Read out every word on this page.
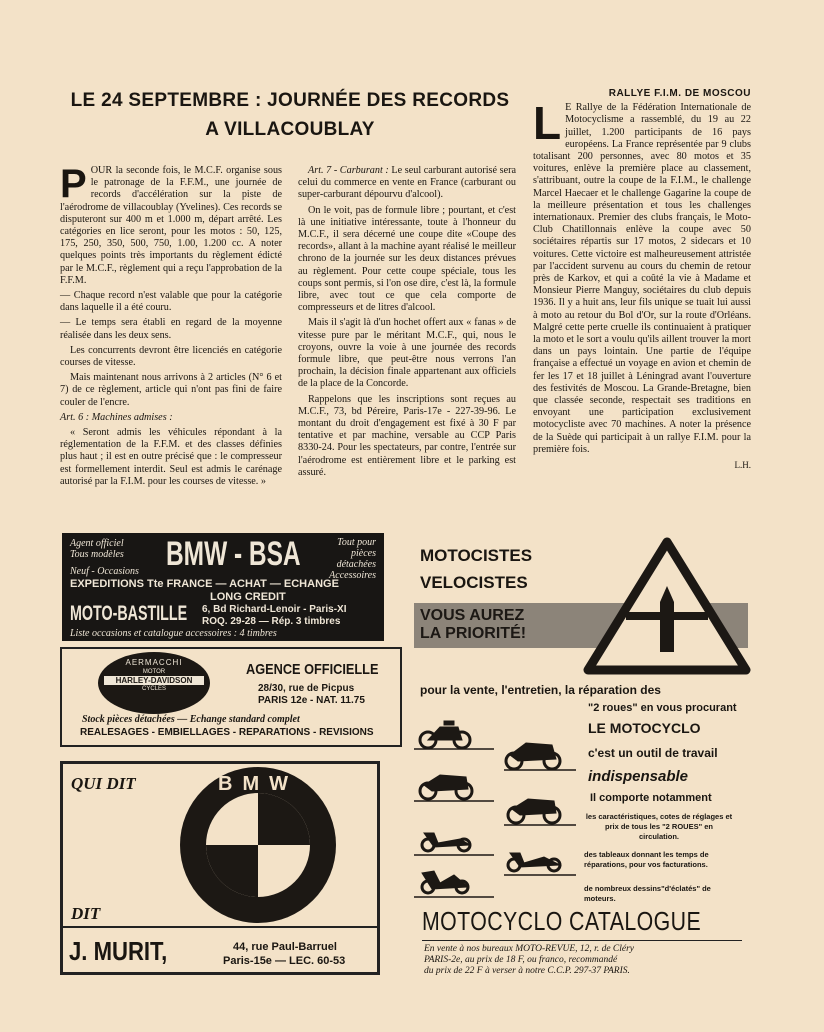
LE 24 SEPTEMBRE : JOURNÉE DES RECORDS
A VILLACOUBLAY

POUR la seconde fois, le M.C.F. organise sous le patronage de la F.F.M., une journée de records d'accélération sur la piste de l'aérodrome de villacoublay (Yvelines). Ces records se disputeront sur 400 m et 1.000 m, départ arrêté. Les catégories en lice seront, pour les motos : 50, 125, 175, 250, 350, 500, 750, 1.00, 1.200 cc. A noter quelques points très importants du règlement édicté par le M.C.F., règlement qui a reçu l'approbation de la F.F.M.

— Chaque record n'est valable que pour la catégorie dans laquelle il a été couru.

— Le temps sera établi en regard de la moyenne réalisée dans les deux sens.

Les concurrents devront être licenciés en catégorie courses de vitesse.

Mais maintenant nous arrivons à 2 articles (N° 6 et 7) de ce règlement, article qui n'ont pas fini de faire couler de l'encre.

Art. 6 : Machines admises :

« Seront admis les véhicules répondant à la réglementation de la F.F.M. et des classes définies plus haut ; il est en outre précisé que : le compresseur est formellement interdit. Seul est admis le carénage autorisé par la F.I.M. pour les courses de vitesse. »

Art. 7 - Carburant : Le seul carburant autorisé sera celui du commerce en vente en France (carburant ou super-carburant dépourvu d'alcool).

On le voit, pas de formule libre ; pourtant, et c'est là une initiative intéressante, toute à l'honneur du M.C.F., il sera décerné une coupe dite «Coupe des records», allant à la machine ayant réalisé le meilleur chrono de la journée sur les deux distances prévues au règlement. Pour cette coupe spéciale, tous les coups sont permis, si l'on ose dire, c'est là, la formule libre, avec tout ce que cela comporte de compresseurs et de litres d'alcool.

Mais il s'agit là d'un hochet offert aux « fanas » de vitesse pure par le méritant M.C.F., qui, nous le croyons, ouvre la voie à une journée des records formule libre, que peut-être nous verrons l'an prochain, la décision finale appartenant aux officiels de la place de la Concorde.

Rappelons que les inscriptions sont reçues au M.C.F., 73, bd Péreire, Paris-17e - 227-39-96. Le montant du droit d'engagement est fixé à 30 F par tentative et par machine, versable au CCP Paris 8330-24. Pour les spectateurs, par contre, l'entrée sur l'aérodrome est entièrement libre et le parking est assuré.

RALLYE F.I.M. DE MOSCOU

L E Rallye de la Fédération Internationale de Motocyclisme a rassemblé, du 19 au 22 juillet, 1.200 participants de 16 pays européens. La France représentée par 9 clubs totalisant 200 personnes, avec 80 motos et 35 voitures, enlève la première place au classement, s'attribuant, outre la coupe de la F.I.M., le challenge Marcel Haecaer et le challenge Gagarine la coupe de la meilleure présentation et tous les challenges internationaux. Premier des clubs français, le Moto-Club Chatillonnais enlève la coupe avec 50 sociétaires répartis sur 17 motos, 2 sidecars et 10 voitures. Cette victoire est malheureusement attristée par l'accident survenu au cours du chemin de retour près de Karkov, et qui a coûté la vie à Madame et Monsieur Pierre Manguy, sociétaires du club depuis 1936. Il y a huit ans, leur fils unique se tuait lui aussi à moto au retour du Bol d'Or, sur la route d'Orléans. Malgré cette perte cruelle ils continuaient à pratiquer la moto et le sort a voulu qu'ils aillent trouver la mort dans un pays lointain. Une partie de l'équipe française a effectué un voyage en avion et chemin de fer les 17 et 18 juillet à Léningrad avant l'ouverture des festivités de Moscou. La Grande-Bretagne, bien que classée seconde, respectait ses traditions en envoyant une participation exclusivement motocycliste avec 70 machines. A noter la présence de la Suède qui participait à un rallye F.I.M. pour la première fois.

L.H.
Agent officiel
Tous modèles BMW - BSA	Tout pour
pièces
détachées
Accessoires
Neuf - Occasions
EXPEDITIONS Tte FRANCE — ACHAT — ECHANGE
LONG CREDIT
MOTO-BASTILLE 6, Bd Richard-Lenoir - Paris-XI
ROQ. 29-28 — Rép. 3 timbres
Liste occasions et catalogue accessoires : 4 timbres
AERMACCHI
MOTOR
HARLEY-DAVIDSON
CYCLES
AGENCE OFFICIELLE
28/30, rue de Picpus
PARIS 12e - NAT. 11.75
Stock pièces détachées — Echange standard complet
REALESAGES - EMBIELLAGES - REPARATIONS - REVISIONS
QUI DIT	BMW
DIT
J. MURIT,	44, rue Paul-Barruel
Paris-15e — LEC. 60-53
MOTOCISTES
VELOCISTES
VOUS AUREZ
LA PRIORITÉ!
pour la vente, l'entretien, la réparation des
"2 roues" en vous procurant
LE MOTOCYCLO
c'est un outil de travail
indispensable
Il comporte notamment
les caractéristiques, cotes de réglages et prix de tous les "2 ROUES" en circulation.
des tableaux donnant les temps de réparations, pour vos facturations.
de nombreux dessins"d'éclatés" de moteurs.
MOTOCYCLO CATALOGUE
En vente à nos bureaux MOTO-REVUE, 12, r. de Cléry
PARIS-2e, au prix de 18 F, ou franco, recommandé
du prix de 22 F à verser à notre C.C.P. 297-37 PARIS.
